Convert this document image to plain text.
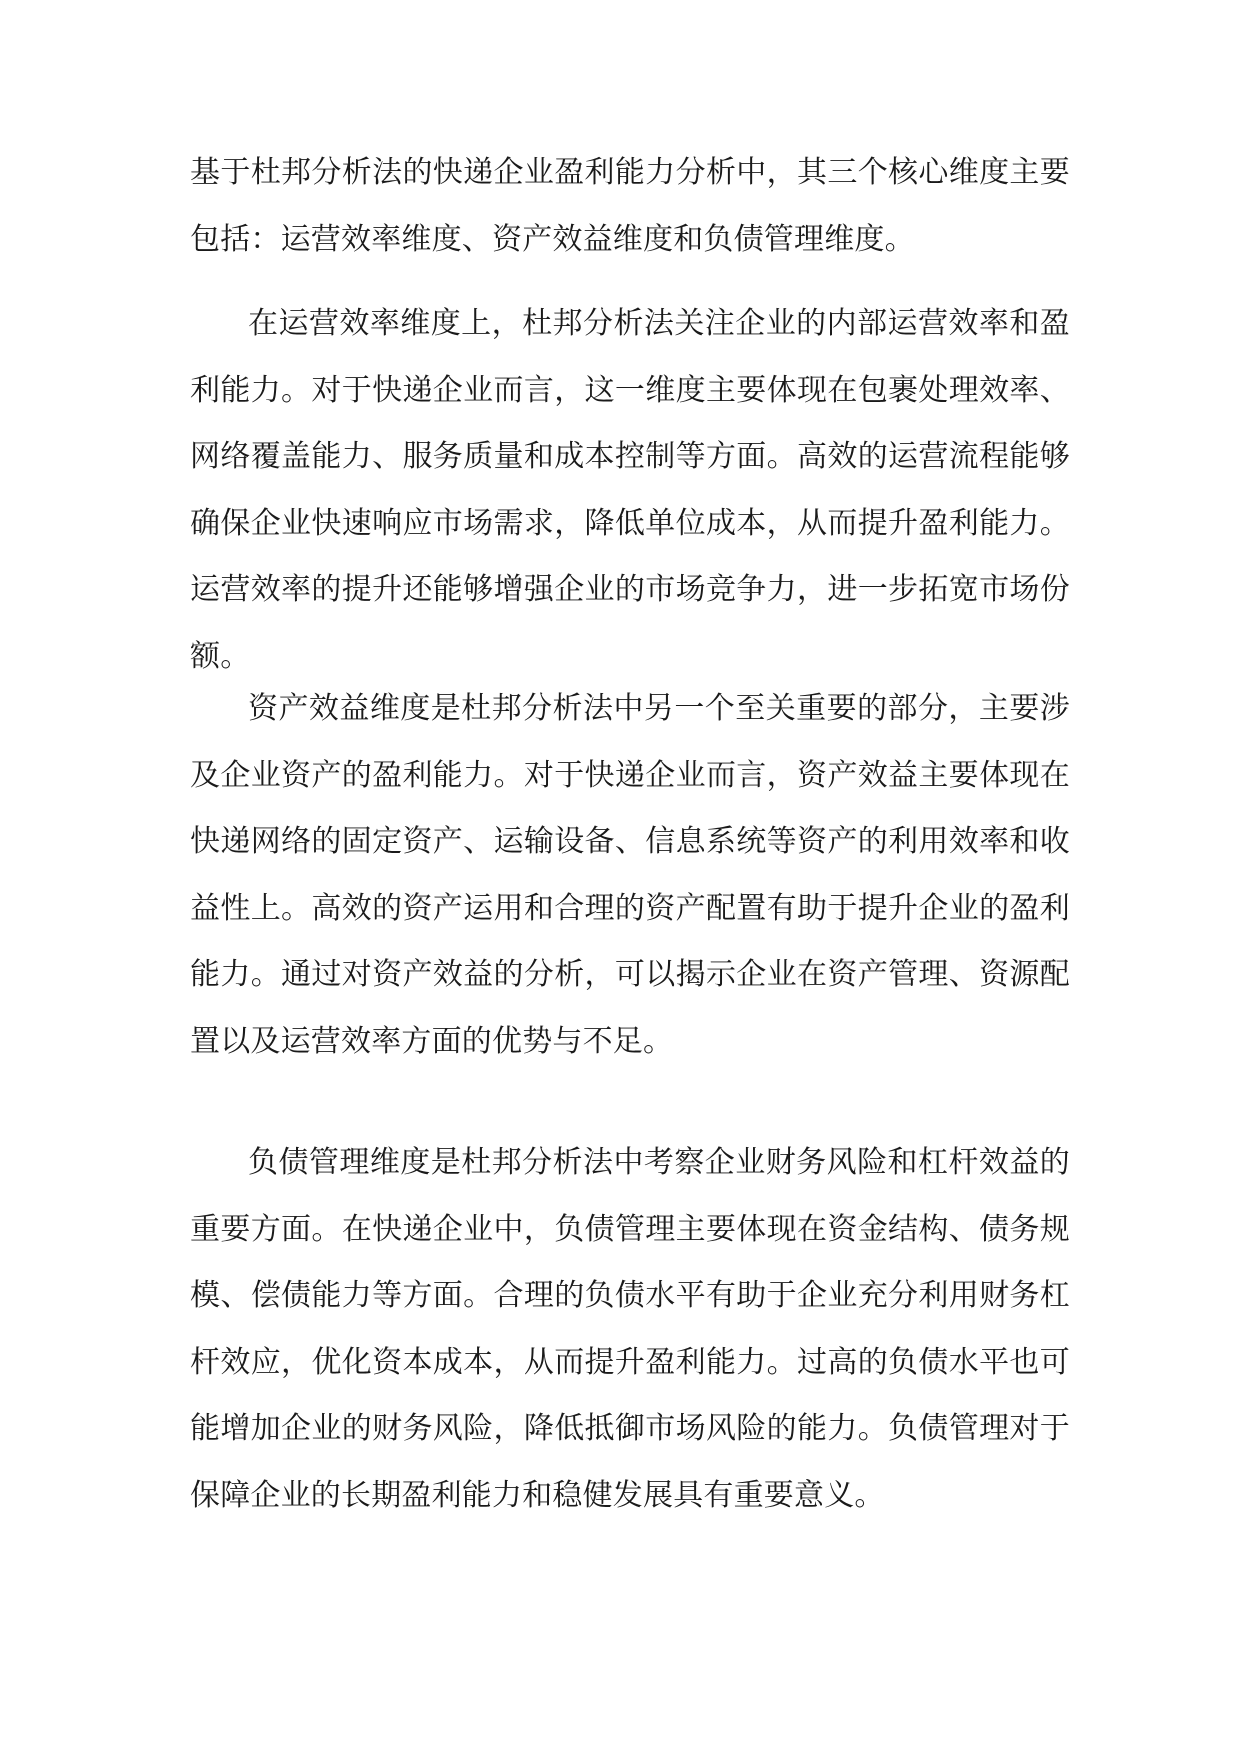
基于杜邦分析法的快递企业盈利能力分析中，其三个核心维度主要包括：运营效率维度、资产效益维度和负债管理维度。

在运营效率维度上，杜邦分析法关注企业的内部运营效率和盈利能力。对于快递企业而言，这一维度主要体现在包裹处理效率、网络覆盖能力、服务质量和成本控制等方面。高效的运营流程能够确保企业快速响应市场需求，降低单位成本，从而提升盈利能力。运营效率的提升还能够增强企业的市场竞争力，进一步拓宽市场份额。

资产效益维度是杜邦分析法中另一个至关重要的部分，主要涉及企业资产的盈利能力。对于快递企业而言，资产效益主要体现在快递网络的固定资产、运输设备、信息系统等资产的利用效率和收益性上。高效的资产运用和合理的资产配置有助于提升企业的盈利能力。通过对资产效益的分析，可以揭示企业在资产管理、资源配置以及运营效率方面的优势与不足。

负债管理维度是杜邦分析法中考察企业财务风险和杠杆效益的重要方面。在快递企业中，负债管理主要体现在资金结构、债务规模、偿债能力等方面。合理的负债水平有助于企业充分利用财务杠杆效应，优化资本成本，从而提升盈利能力。过高的负债水平也可能增加企业的财务风险，降低抵御市场风险的能力。负债管理对于保障企业的长期盈利能力和稳健发展具有重要意义。
